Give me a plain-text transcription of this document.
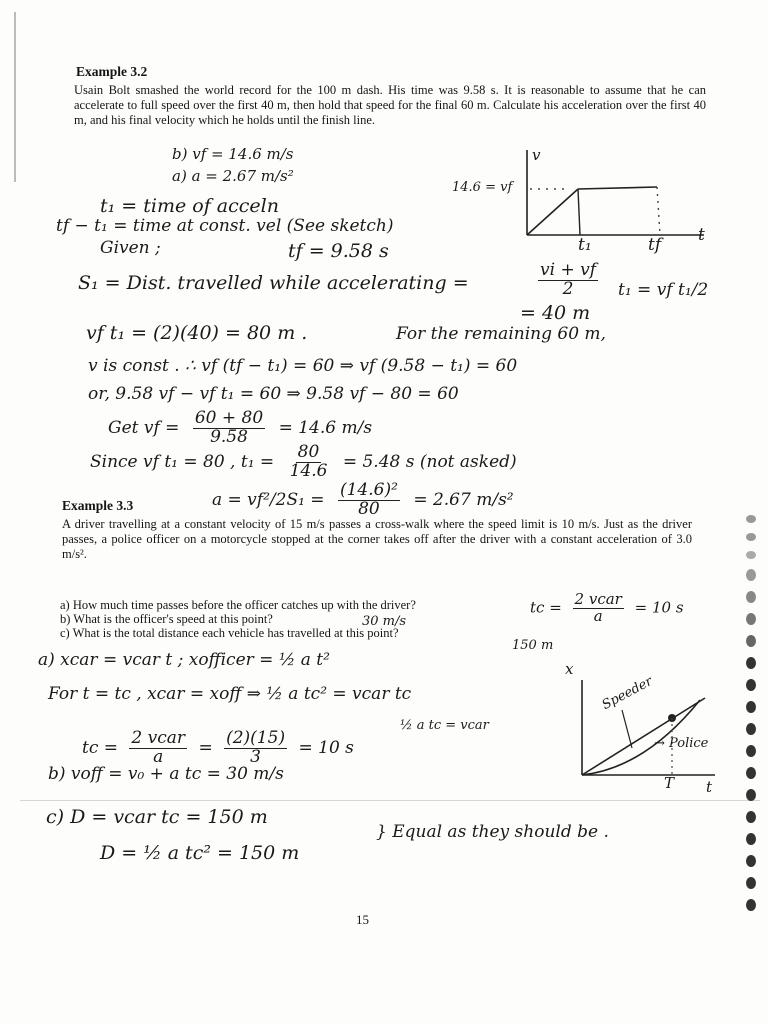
Example 3.2
Usain Bolt smashed the world record for the 100 m dash. His time was 9.58 s. It is reasonable to assume that he can accelerate to full speed over the first 40 m, then hold that speed for the final 60 m. Calculate his acceleration over the first 40 m, and his final velocity which he holds until the finish line.
b) vf = 14.6 m/s
a) a = 2.67 m/s²
v
14.6 = vf
t
t₁	tf
t₁ = time of acceln
tf − t₁ = time at const. vel (See sketch)
Given ;	tf = 9.58 s
S₁ = Dist. travelled while accelerating =	$\frac{vi + vf}{2} t_1$ = vf t₁/2
= 40 m
vf t₁ = (2)(40) = 80 m .	For the remaining 60 m,
v is const . ∴ vf (tf − t₁) = 60 ⇒ vf (9.58 − t₁) = 60
or, 9.58 vf − vf t₁ = 60 ⇒ 9.58 vf − 80 = 60
Get vf = $\frac{60 + 80}{9.58} = 14.6$ m/s
Since vf t₁ = 80 , $t_1 = \frac{80}{14.6} = 5.48$ s (not asked)
$a = vf^2/2S_1 = \frac{\text{(14.6)²}}{80} = 2.67$ m/s²
Example 3.3
A driver travelling at a constant velocity of 15 m/s passes a cross-walk where the speed limit is 10 m/s. Just as the driver passes, a police officer on a motorcycle stopped at the corner takes off after the driver with a constant acceleration of 3.0 m/s².
a) How much time passes before the officer catches up with the driver?
b) What is the officer's speed at this point?
c) What is the total distance each vehicle has travelled at this point?
tc = $\frac{\text{2 vcar}}{a} = 10$ s
30 m/s
150 m
a) xcar = vcar t ; xofficer = ½ a t²
For t = tc , xcar = xoff ⇒ ½ a tc² = vcar tc
½ a tc = vcar
tc = $\frac{\text{2 vcar}}{a} = \frac{(2)(15)}{3} = 10$ s
b) voff = v₀ + a tc = 30 m/s
x
Speeder
→ Police
T t
c) D = vcar tc = 150 m
D = ½ a tc² = 150 m
} Equal as they should be .
15
